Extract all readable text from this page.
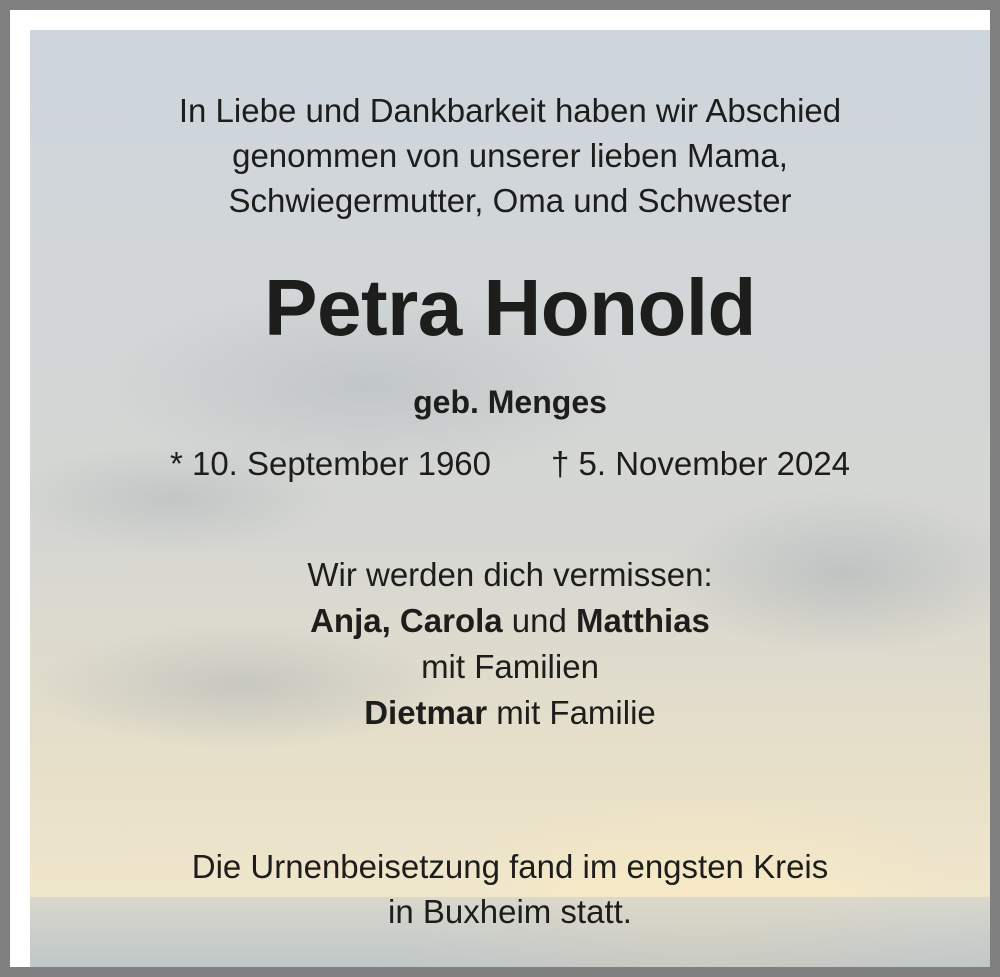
In Liebe und Dankbarkeit haben wir Abschied
genommen von unserer lieben Mama,
Schwiegermutter, Oma und Schwester
Petra Honold
geb. Menges
* 10. September 1960 † 5. November 2024
Wir werden dich vermissen:
Anja, Carola und Matthias
mit Familien
Dietmar mit Familie
Die Urnenbeisetzung fand im engsten Kreis
in Buxheim statt.
